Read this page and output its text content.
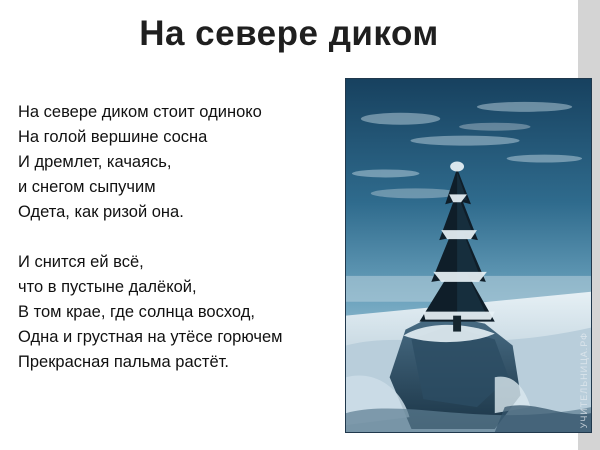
На севере диком
На севере диком стоит одиноко
На голой вершине сосна
И дремлет, качаясь,
и снегом сыпучим
Одета, как ризой она.
И снится ей всё,
что в пустыне далёкой,
В том крае, где солнца восход,
Одна и грустная на утёсе горючем
Прекрасная пальма растёт.	УЧИТЕЛЬНИЦА.РФ
